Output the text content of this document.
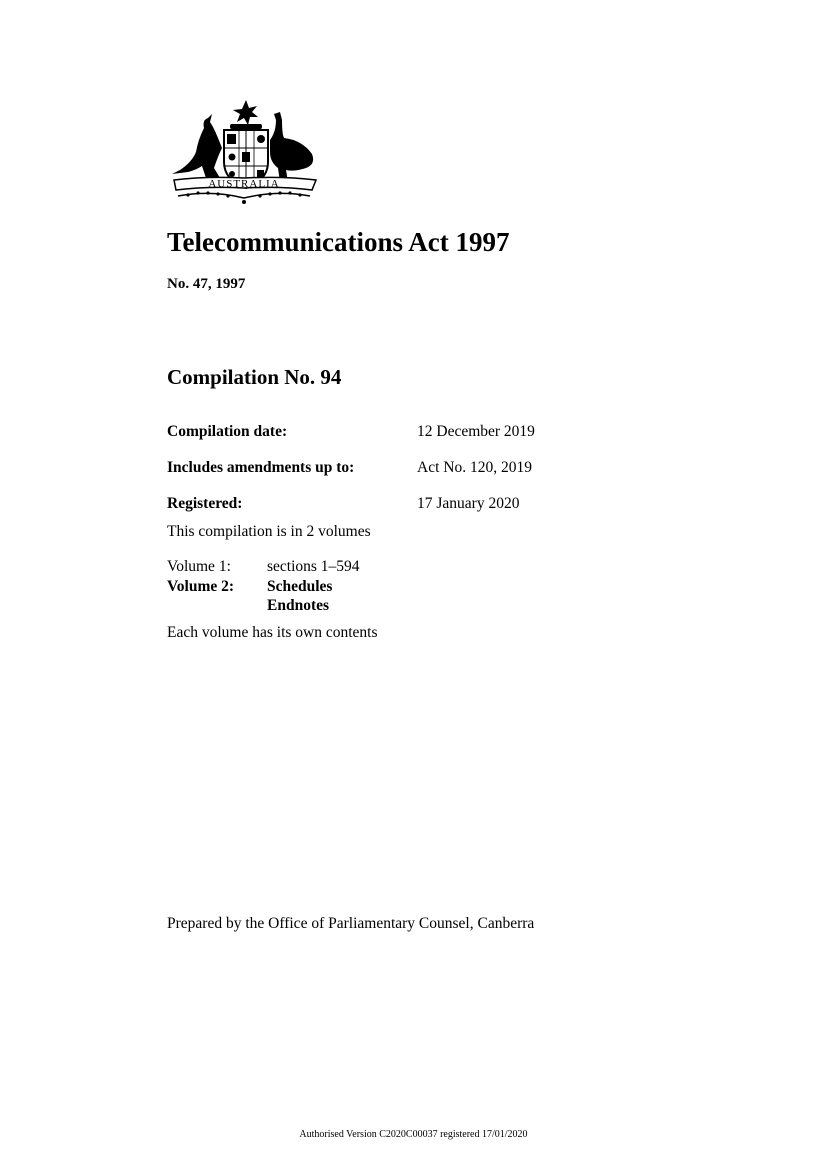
AUSTRALIA
Telecommunications Act 1997
No. 47, 1997
Compilation No. 94
Compilation date:	12 December 2019
Includes amendments up to:	Act No. 120, 2019
Registered:	17 January 2020
This compilation is in 2 volumes
Volume 1: sections 1–594
Volume 2: Schedules
Endnotes
Each volume has its own contents
Prepared by the Office of Parliamentary Counsel, Canberra
Authorised Version C2020C00037 registered 17/01/2020
